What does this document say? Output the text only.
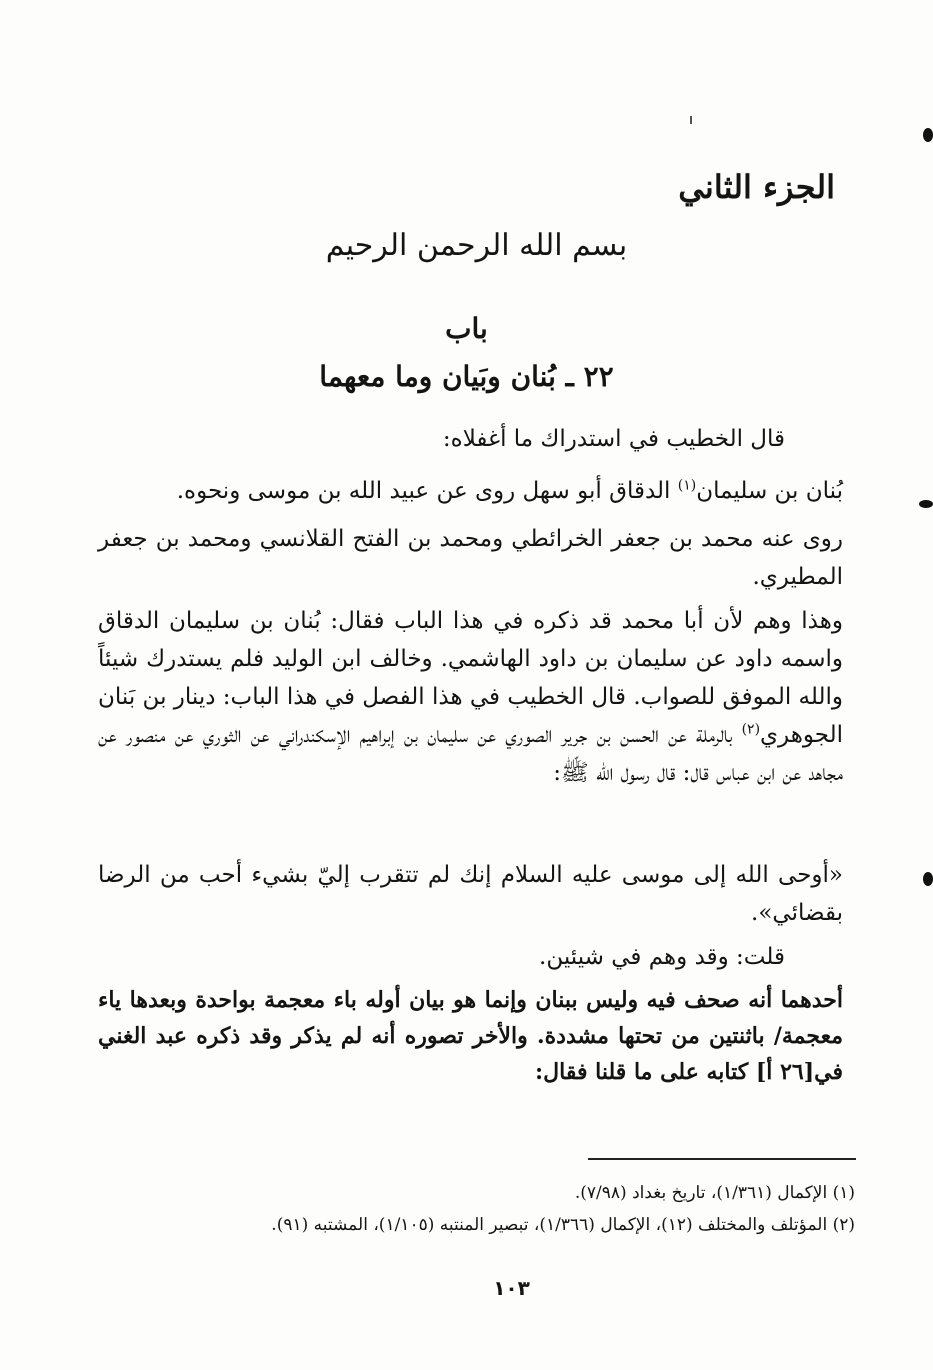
الجزء الثاني
بسم الله الرحمن الرحيم
باب
٢٢ ـ بُنان وبَيان وما معهما
قال الخطيب في استدراك ما أغفلاه:
بُنان بن سليمان$^{(١)}$ الدقاق أبو سهل روى عن عبيد الله بن موسى ونحوه.
روى عنه محمد بن جعفر الخرائطي ومحمد بن الفتح القلانسي ومحمد بن جعفر المطيري.
وهذا وهم لأن أبا محمد قد ذكره في هذا الباب فقال: بُنان بن سليمان الدقاق واسمه داود عن سليمان بن داود الهاشمي. وخالف ابن الوليد فلم يستدرك شيئاً والله الموفق للصواب. قال الخطيب في هذا الفصل في هذا الباب: دينار بن بَنان الجوهري$^{(٢)}$ بالرملة عن الحسن بن جرير الصوري عن سليمان بن إبراهيم الإسكندراني عن الثوري عن منصور عن مجاهد عن ابن عباس قال: قال رسول الله ﷺ:
«أوحى الله إلى موسى عليه السلام إنك لم تتقرب إليّ بشيء أحب من الرضا بقضائي».
قلت: وقد وهم في شيئين.
أحدهما أنه صحف فيه وليس ببنان وإنما هو بيان أوله باء معجمة بواحدة وبعدها ياء معجمة/ باثنتين من تحتها مشددة. والأخر تصوره أنه لم يذكر وقد ذكره عبد الغني في[٢٦ أ] كتابه على ما قلنا فقال:
(١) الإكمال (١/٣٦١)، تاريخ بغداد (٧/٩٨).
(٢) المؤتلف والمختلف (١٢)، الإكمال (١/٣٦٦)، تبصير المنتبه (١/١٠٥)، المشتبه (٩١).
١٠٣
